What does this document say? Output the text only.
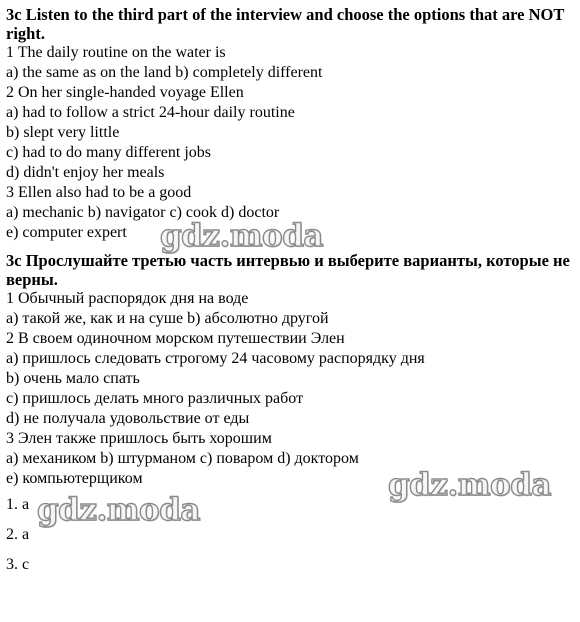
3c Listen to the third part of the interview and choose the options that are NOT right.

1 The daily routine on the water is

a) the same as on the land b) completely different

2 On her single-handed voyage Ellen

a) had to follow a strict 24-hour daily routine

b) slept very little

c) had to do many different jobs

d) didn't enjoy her meals

3 Ellen also had to be a good

a) mechanic b) navigator c) cook d) doctor

e) computer expert

3c Прослушайте третью часть интервью и выберите варианты, которые не верны.

1 Обычный распорядок дня на воде

a) такой же, как и на суше b) абсолютно другой

2 В своем одиночном морском путешествии Элен

a) пришлось следовать строгому 24 часовому распорядку дня

b) очень мало спать

c) пришлось делать много различных работ

d) не получала удовольствие от еды

3 Элен также пришлось быть хорошим

a) механиком b) штурманом c) поваром d) доктором

e) компьютерщиком

1. a

2. a

3. c

gdz.moda
gdz.moda
gdz.moda
